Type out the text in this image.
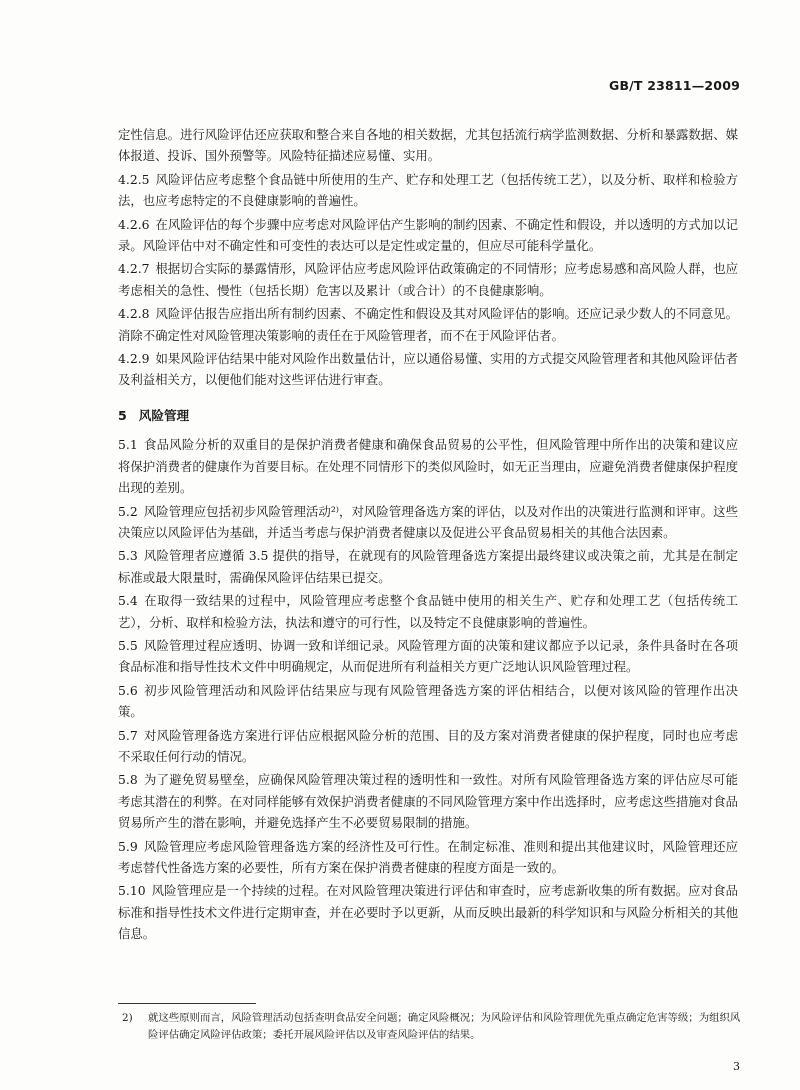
GB/T 23811—2009
定性信息。进行风险评估还应获取和整合来自各地的相关数据，尤其包括流行病学监测数据、分析和暴露数据、媒体报道、投诉、国外预警等。风险特征描述应易懂、实用。
4.2.5 风险评估应考虑整个食品链中所使用的生产、贮存和处理工艺（包括传统工艺），以及分析、取样和检验方法，也应考虑特定的不良健康影响的普遍性。
4.2.6 在风险评估的每个步骤中应考虑对风险评估产生影响的制约因素、不确定性和假设，并以透明的方式加以记录。风险评估中对不确定性和可变性的表达可以是定性或定量的，但应尽可能科学量化。
4.2.7 根据切合实际的暴露情形，风险评估应考虑风险评估政策确定的不同情形；应考虑易感和高风险人群，也应考虑相关的急性、慢性（包括长期）危害以及累计（或合计）的不良健康影响。
4.2.8 风险评估报告应指出所有制约因素、不确定性和假设及其对风险评估的影响。还应记录少数人的不同意见。消除不确定性对风险管理决策影响的责任在于风险管理者，而不在于风险评估者。
4.2.9 如果风险评估结果中能对风险作出数量估计，应以通俗易懂、实用的方式提交风险管理者和其他风险评估者及利益相关方，以便他们能对这些评估进行审查。
5 风险管理
5.1 食品风险分析的双重目的是保护消费者健康和确保食品贸易的公平性，但风险管理中所作出的决策和建议应将保护消费者的健康作为首要目标。在处理不同情形下的类似风险时，如无正当理由，应避免消费者健康保护程度出现的差别。
5.2 风险管理应包括初步风险管理活动²⁾，对风险管理备选方案的评估，以及对作出的决策进行监测和评审。这些决策应以风险评估为基础，并适当考虑与保护消费者健康以及促进公平食品贸易相关的其他合法因素。
5.3 风险管理者应遵循 3.5 提供的指导，在就现有的风险管理备选方案提出最终建议或决策之前，尤其是在制定标准或最大限量时，需确保风险评估结果已提交。
5.4 在取得一致结果的过程中，风险管理应考虑整个食品链中使用的相关生产、贮存和处理工艺（包括传统工艺），分析、取样和检验方法，执法和遵守的可行性，以及特定不良健康影响的普遍性。
5.5 风险管理过程应透明、协调一致和详细记录。风险管理方面的决策和建议都应予以记录，条件具备时在各项食品标准和指导性技术文件中明确规定，从而促进所有利益相关方更广泛地认识风险管理过程。
5.6 初步风险管理活动和风险评估结果应与现有风险管理备选方案的评估相结合，以便对该风险的管理作出决策。
5.7 对风险管理备选方案进行评估应根据风险分析的范围、目的及方案对消费者健康的保护程度，同时也应考虑不采取任何行动的情况。
5.8 为了避免贸易壁垒，应确保风险管理决策过程的透明性和一致性。对所有风险管理备选方案的评估应尽可能考虑其潜在的利弊。在对同样能够有效保护消费者健康的不同风险管理方案中作出选择时，应考虑这些措施对食品贸易所产生的潜在影响，并避免选择产生不必要贸易限制的措施。
5.9 风险管理应考虑风险管理备选方案的经济性及可行性。在制定标准、准则和提出其他建议时，风险管理还应考虑替代性备选方案的必要性，所有方案在保护消费者健康的程度方面是一致的。
5.10 风险管理应是一个持续的过程。在对风险管理决策进行评估和审查时，应考虑新收集的所有数据。应对食品标准和指导性技术文件进行定期审查，并在必要时予以更新，从而反映出最新的科学知识和与风险分析相关的其他信息。
2) 就这些原则而言，风险管理活动包括查明食品安全问题；确定风险概况；为风险评估和风险管理优先重点确定危害等级；为组织风险评估确定风险评估政策；委托开展风险评估以及审查风险评估的结果。
3
